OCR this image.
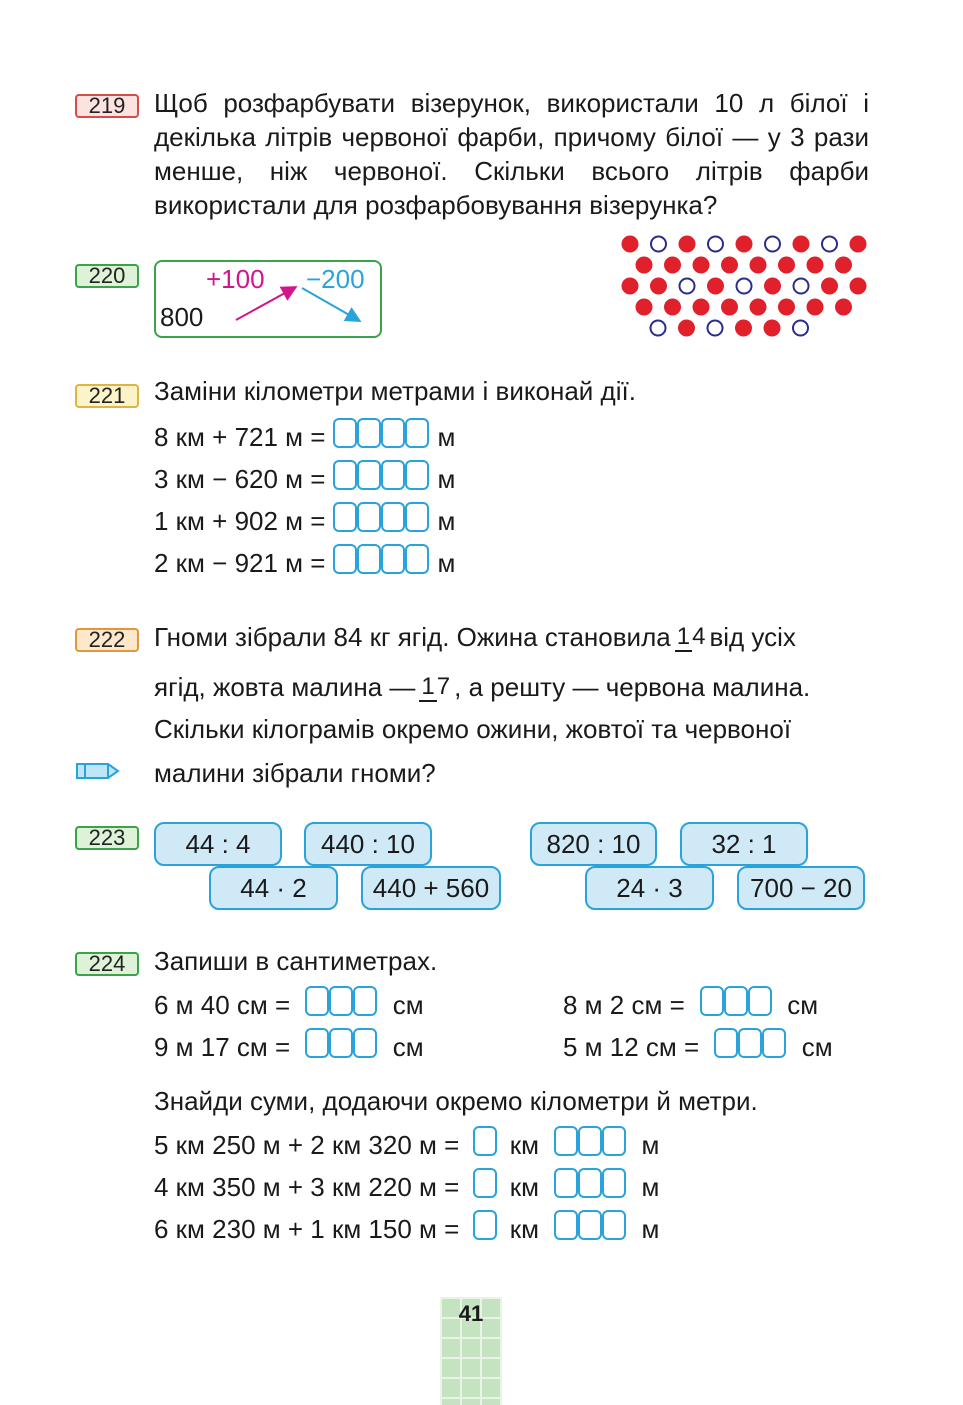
219	Щоб розфарбувати візерунок, використали 10 л білої і декілька літрів червоної фарби, причому білої — у 3 рази менше, ніж червоної. Скільки всього літрів фарби використали для розфарбовування візерунка?
220	+100 −200
800
221	Заміни кілометри метрами і виконай дії.
8 км + 721 м =	м
3 км − 620 м =	м
1 км + 902 м =	м
2 км − 921 м =	м
222	Гноми зібрали 84 кг ягід. Ожина становила 14 від усіх
ягід, жовта малина — 17 , а решту — червона малина.
Скільки кілограмів окремо ожини, жовтої та червоної
малини зібрали гноми?
223	44 : 4	440 : 10
44 · 2	440 + 560
820 : 10	32 : 1
24 · 3	700 − 20
224	Запиши в сантиметрах.
6 м 40 см =	см
9 м 17 см =	см
8 м 2 см =	см
5 м 12 см =	см
Знайди суми, додаючи окремо кілометри й метри.
5 км 250 м + 2 км 320 м = км	м
4 км 350 м + 3 км 220 м = км	м
6 км 230 м + 1 км 150 м = км	м
41
